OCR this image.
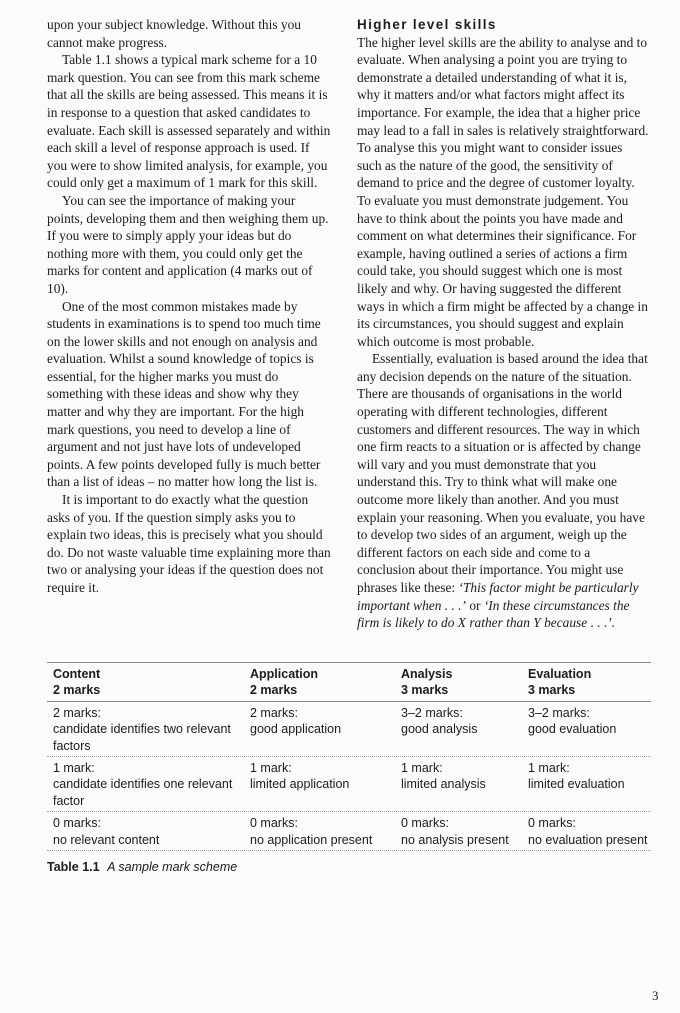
upon your subject knowledge. Without this you cannot make progress.

Table 1.1 shows a typical mark scheme for a 10 mark question. You can see from this mark scheme that all the skills are being assessed. This means it is in response to a question that asked candidates to evaluate. Each skill is assessed separately and within each skill a level of response approach is used. If you were to show limited analysis, for example, you could only get a maximum of 1 mark for this skill.

You can see the importance of making your points, developing them and then weighing them up. If you were to simply apply your ideas but do nothing more with them, you could only get the marks for content and application (4 marks out of 10).

One of the most common mistakes made by students in examinations is to spend too much time on the lower skills and not enough on analysis and evaluation. Whilst a sound knowledge of topics is essential, for the higher marks you must do something with these ideas and show why they matter and why they are important. For the high mark questions, you need to develop a line of argument and not just have lots of undeveloped points. A few points developed fully is much better than a list of ideas – no matter how long the list is.

It is important to do exactly what the question asks of you. If the question simply asks you to explain two ideas, this is precisely what you should do. Do not waste valuable time explaining more than two or analysing your ideas if the question does not require it.

Higher level skills

The higher level skills are the ability to analyse and to evaluate. When analysing a point you are trying to demonstrate a detailed understanding of what it is, why it matters and/or what factors might affect its importance. For example, the idea that a higher price may lead to a fall in sales is relatively straightforward. To analyse this you might want to consider issues such as the nature of the good, the sensitivity of demand to price and the degree of customer loyalty. To evaluate you must demonstrate judgement. You have to think about the points you have made and comment on what determines their significance. For example, having outlined a series of actions a firm could take, you should suggest which one is most likely and why. Or having suggested the different ways in which a firm might be affected by a change in its circumstances, you should suggest and explain which outcome is most probable.

Essentially, evaluation is based around the idea that any decision depends on the nature of the situation. There are thousands of organisations in the world operating with different technologies, different customers and different resources. The way in which one firm reacts to a situation or is affected by change will vary and you must demonstrate that you understand this. Try to think what will make one outcome more likely than another. And you must explain your reasoning. When you evaluate, you have to develop two sides of an argument, weigh up the different factors on each side and come to a conclusion about their importance. You might use phrases like these: ‘This factor might be particularly important when . . .’ or ‘In these circumstances the firm is likely to do X rather than Y because . . .’.

Content
2 marks
Application
2 marks
Analysis
3 marks
Evaluation
3 marks
2 marks:
candidate identifies two relevant factors
2 marks:
good application
3–2 marks:
good analysis
3–2 marks:
good evaluation
1 mark:
candidate identifies one relevant factor
1 mark:
limited application
1 mark:
limited analysis
1 mark:
limited evaluation
0 marks:
no relevant content
0 marks:
no application present
0 marks:
no analysis present
0 marks:
no evaluation present
Table 1.1 A sample mark scheme
3
